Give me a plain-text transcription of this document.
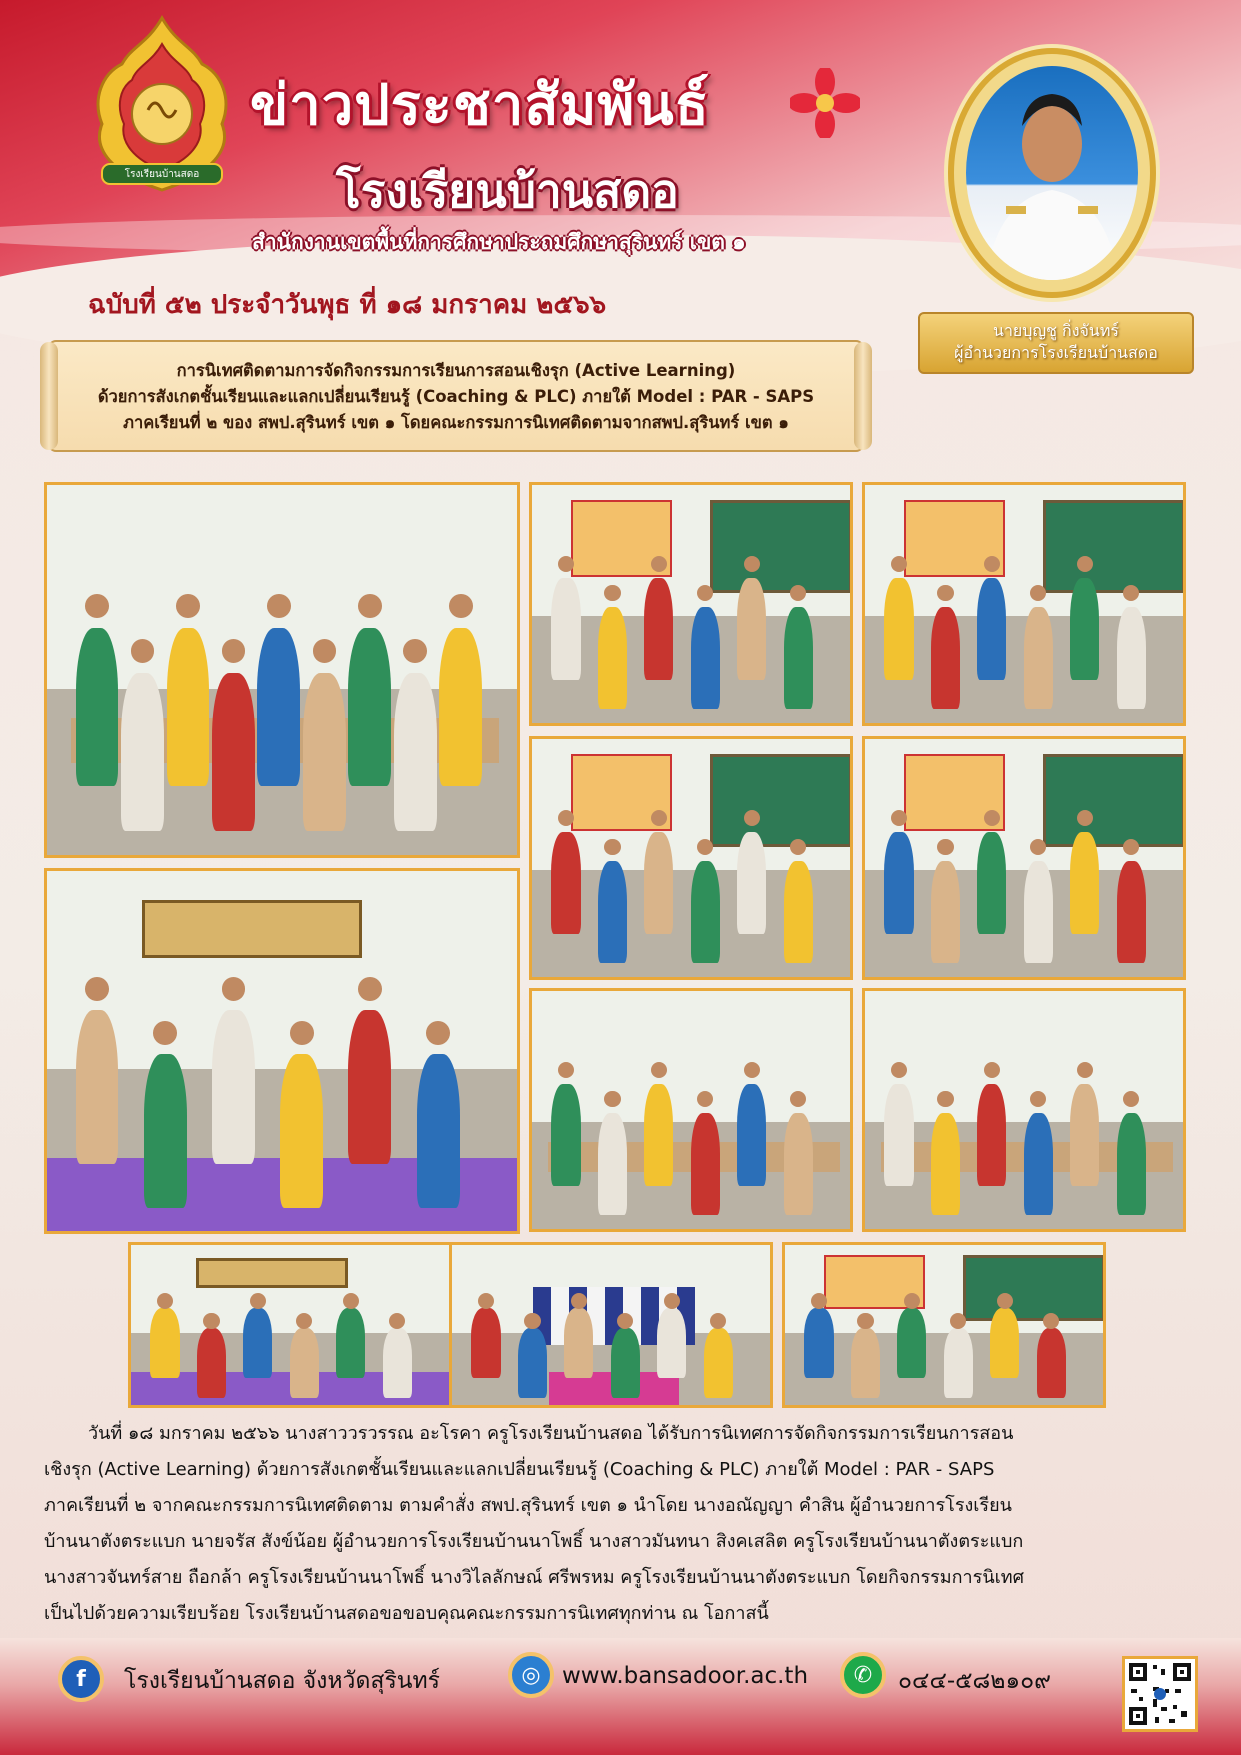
โรงเรียนบ้านสดอ
ข่าวประชาสัมพันธ์
โรงเรียนบ้านสดอ
สำนักงานเขตพื้นที่การศึกษาประถมศึกษาสุรินทร์ เขต ๑
ฉบับที่ ๕๒ ประจำวันพุธ ที่ ๑๘ มกราคม ๒๕๖๖
นายบุญชู กิ่งจันทร์
ผู้อำนวยการโรงเรียนบ้านสดอ
การนิเทศติดตามการจัดกิจกรรมการเรียนการสอนเชิงรุก (Active Learning)
ด้วยการสังเกตชั้นเรียนและแลกเปลี่ยนเรียนรู้ (Coaching & PLC) ภายใต้ Model : PAR - SAPS
ภาคเรียนที่ ๒ ของ สพป.สุรินทร์ เขต ๑ โดยคณะกรรมการนิเทศติดตามจากสพป.สุรินทร์ เขต ๑

วันที่ ๑๘ มกราคม ๒๕๖๖ นางสาววรวรรณ อะโรคา ครูโรงเรียนบ้านสดอ ได้รับการนิเทศการจัดกิจกรรมการเรียนการสอน

เชิงรุก (Active Learning) ด้วยการสังเกตชั้นเรียนและแลกเปลี่ยนเรียนรู้ (Coaching & PLC) ภายใต้ Model : PAR - SAPS
ภาคเรียนที่ ๒ จากคณะกรรมการนิเทศติดตาม ตามคำสั่ง สพป.สุรินทร์ เขต ๑ นำโดย นางอณัญญา คำสิน ผู้อำนวยการโรงเรียน
บ้านนาตังตระแบก นายจรัส สังข์น้อย ผู้อำนวยการโรงเรียนบ้านนาโพธิ์ นางสาวมันทนา สิงคเสลิต ครูโรงเรียนบ้านนาตังตระแบก
นางสาวจันทร์สาย ถือกล้า ครูโรงเรียนบ้านนาโพธิ์ นางวิไลลักษณ์ ศรีพรหม ครูโรงเรียนบ้านนาตังตระแบก โดยกิจกรรมการนิเทศ
เป็นไปด้วยความเรียบร้อย โรงเรียนบ้านสดอขอขอบคุณคณะกรรมการนิเทศทุกท่าน ณ โอกาสนี้
f	โรงเรียนบ้านสดอ จังหวัดสุรินทร์	◎ www.bansadoor.ac.th	✆	๐๔๔-๕๘๒๑๐๙
